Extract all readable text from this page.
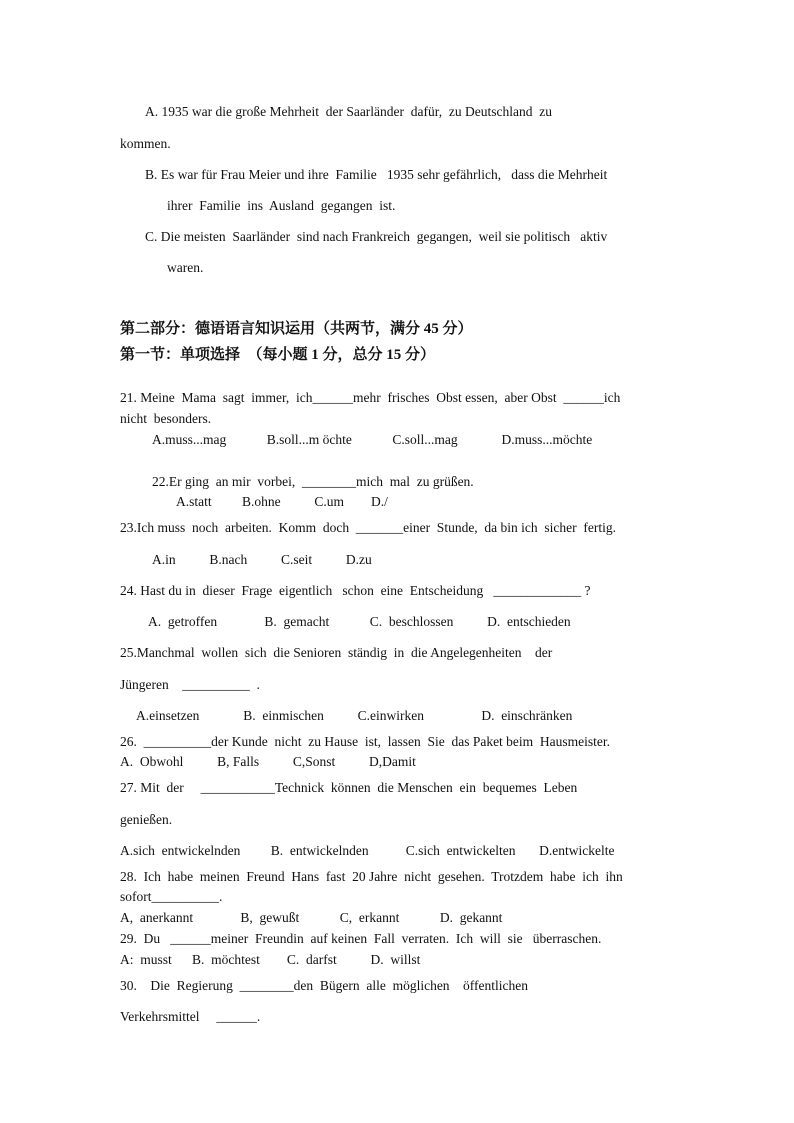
A. 1935 war die große Mehrheit  der Saarländer  dafür,  zu Deutschland  zu
kommen.
B. Es war für Frau Meier und ihre  Familie   1935 sehr gefährlich,   dass die Mehrheit
ihrer  Familie  ins  Ausland  gegangen  ist.
C. Die meisten  Saarländer  sind nach Frankreich  gegangen,  weil sie politisch   aktiv
waren.
第二部分：德语语言知识运用（共两节，满分 45 分）
第一节：单项选择  （每小题 1 分，总分 15 分）
21. Meine  Mama  sagt  immer,  ich______mehr  frisches  Obst essen,  aber Obst  ______ich
nicht  besonders.
A.muss...mag            B.soll...m öchte            C.soll...mag             D.muss...möchte
22.Er ging  an mir  vorbei,  ________mich  mal  zu grüßen.
A.statt         B.ohne          C.um        D./
23.Ich muss  noch  arbeiten.  Komm  doch  _______einer  Stunde,  da bin ich  sicher  fertig.
A.in          B.nach          C.seit          D.zu
24. Hast du in  dieser  Frage  eigentlich   schon  eine  Entscheidung   _____________ ?
A.  getroffen              B.  gemacht            C.  beschlossen          D.  entschieden
25.Manchmal  wollen  sich  die Senioren  ständig  in  die Angelegenheiten    der
Jüngeren    __________  .
A.einsetzen             B.  einmischen          C.einwirken                 D.  einschränken
26.  __________der Kunde  nicht  zu Hause  ist,  lassen  Sie  das Paket beim  Hausmeister.
A.  Obwohl          B, Falls          C,Sonst          D,Damit
27. Mit  der     ___________Technick  können  die Menschen  ein  bequemes  Leben
genießen.
A.sich  entwickelnden         B.  entwickelnden           C.sich  entwickelten       D.entwickelte
28.  Ich  habe  meinen  Freund  Hans  fast  20 Jahre  nicht  gesehen.  Trotzdem  habe  ich  ihn
sofort__________.
A,  anerkannt              B,  gewußt            C,  erkannt            D.  gekannt
29.  Du   ______meiner  Freundin  auf keinen  Fall  verraten.  Ich  will  sie   überraschen.
A:  musst      B.  möchtest        C.  darfst          D.  willst
30.    Die  Regierung  ________den  Bügern  alle  möglichen    öffentlichen
Verkehrsmittel     ______.
